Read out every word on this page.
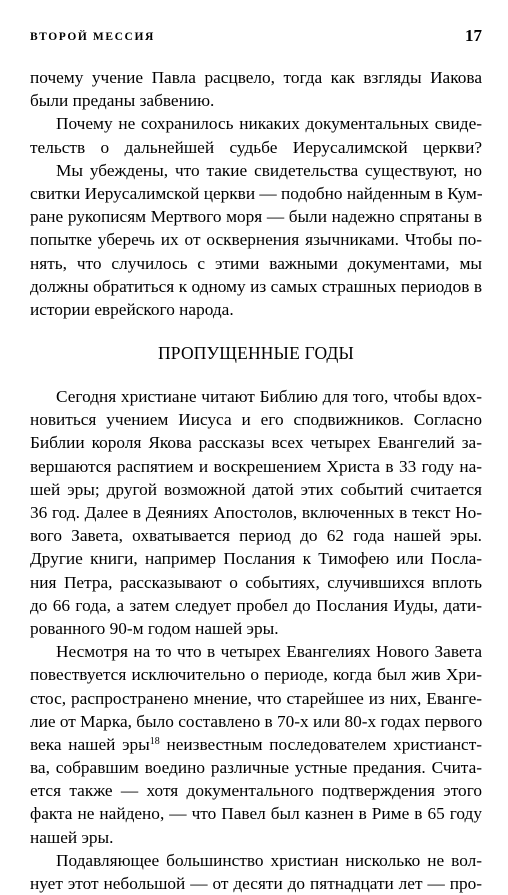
ВТОРОЙ МЕССИЯ	17
почему учение Павла расцвело, тогда как взгляды Иакова
были преданы забвению.
Почему не сохранилось никаких документальных свиде-
тельств о дальнейшей судьбе Иерусалимской церкви?
Мы убеждены, что такие свидетельства существуют, но
свитки Иерусалимской церкви — подобно найденным в Кум-
ране рукописям Мертвого моря — были надежно спрятаны в
попытке уберечь их от осквернения язычниками. Чтобы по-
нять, что случилось с этими важными документами, мы
должны обратиться к одному из самых страшных периодов в
истории еврейского народа.
ПРОПУЩЕННЫЕ ГОДЫ
Сегодня христиане читают Библию для того, чтобы вдох-
новиться учением Иисуса и его сподвижников. Согласно
Библии короля Якова рассказы всех четырех Евангелий за-
вершаются распятием и воскрешением Христа в 33 году на-
шей эры; другой возможной датой этих событий считается
36 год. Далее в Деяниях Апостолов, включенных в текст Но-
вого Завета, охватывается период до 62 года нашей эры.
Другие книги, например Послания к Тимофею или Посла-
ния Петра, рассказывают о событиях, случившихся вплоть
до 66 года, а затем следует пробел до Послания Иуды, дати-
рованного 90-м годом нашей эры.
Несмотря на то что в четырех Евангелиях Нового Завета
повествуется исключительно о периоде, когда был жив Хри-
стос, распространено мнение, что старейшее из них, Еванге-
лие от Марка, было составлено в 70-х или 80-х годах первого
века нашей эры$^{18}$ неизвестным последователем христианст-
ва, собравшим воедино различные устные предания. Счита-
ется также — хотя документального подтверждения этого
факта не найдено, — что Павел был казнен в Риме в 65 году
нашей эры.
Подавляющее большинство христиан нисколько не вол-
нует этот небольшой — от десяти до пятнадцати лет — про-
